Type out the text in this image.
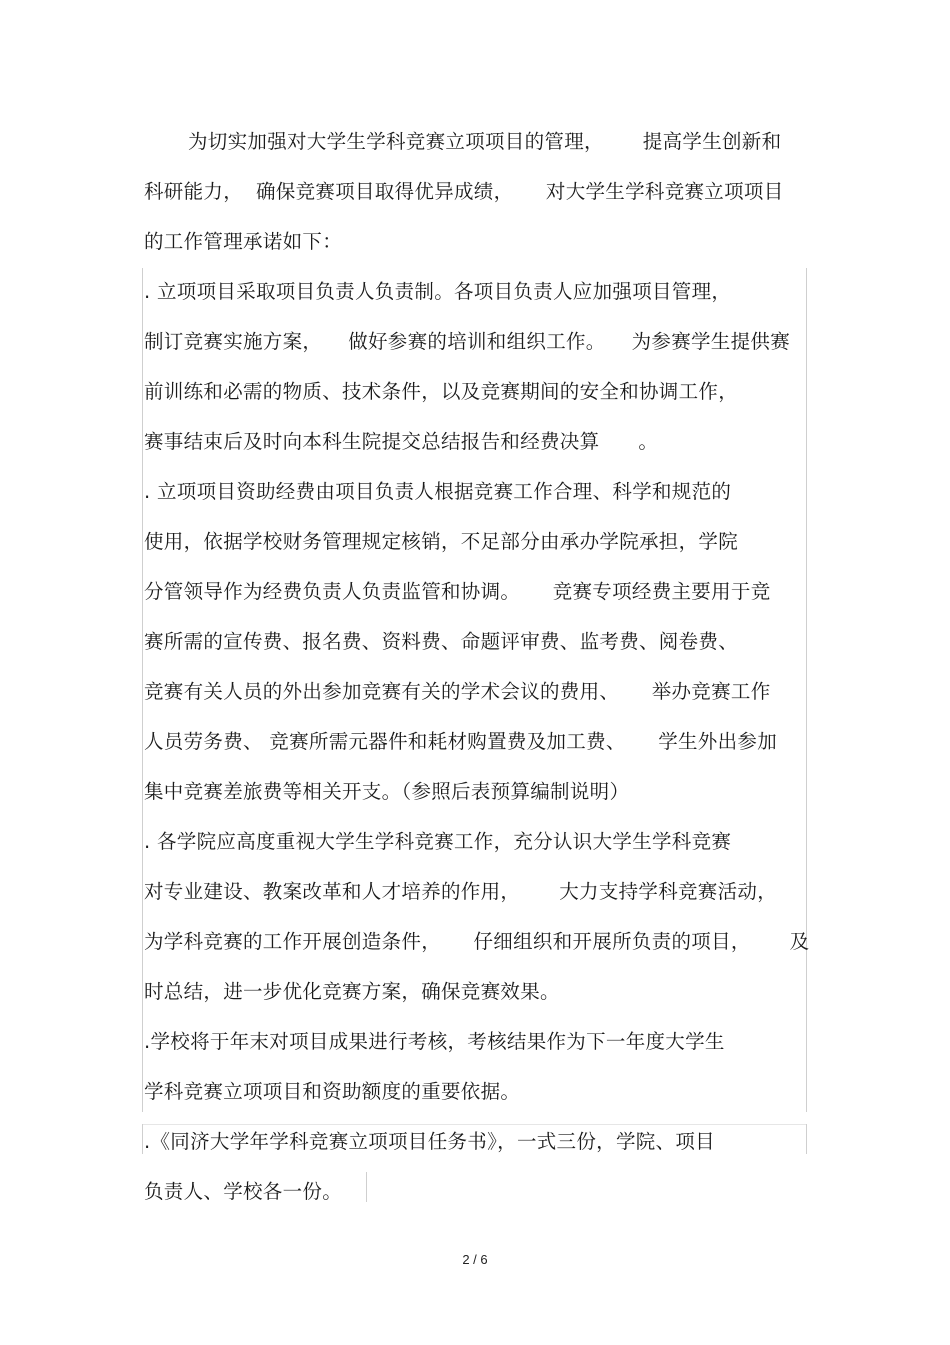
为切实加强对大学生学科竞赛立项项目的管理，      提高学生创新和
科研能力，  确保竞赛项目取得优异成绩，     对大学生学科竞赛立项项目
的工作管理承诺如下：
. 立项项目采取项目负责人负责制。各项目负责人应加强项目管理，
制订竞赛实施方案，    做好参赛的培训和组织工作。    为参赛学生提供赛
前训练和必需的物质、技术条件，以及竞赛期间的安全和协调工作，
赛事结束后及时向本科生院提交总结报告和经费决算      。
. 立项项目资助经费由项目负责人根据竞赛工作合理、科学和规范的
使用，依据学校财务管理规定核销，不足部分由承办学院承担，学院
分管领导作为经费负责人负责监管和协调。     竞赛专项经费主要用于竞
赛所需的宣传费、报名费、资料费、命题评审费、监考费、阅卷费、
竞赛有关人员的外出参加竞赛有关的学术会议的费用、     举办竞赛工作
人员劳务费、 竞赛所需元器件和耗材购置费及加工费、     学生外出参加
集中竞赛差旅费等相关开支。（参照后表预算编制说明）
. 各学院应高度重视大学生学科竞赛工作，充分认识大学生学科竞赛
对专业建设、教案改革和人才培养的作用，      大力支持学科竞赛活动，
为学科竞赛的工作开展创造条件，     仔细组织和开展所负责的项目，      及
时总结，进一步优化竞赛方案，确保竞赛效果。
.学校将于年末对项目成果进行考核，考核结果作为下一年度大学生
学科竞赛立项项目和资助额度的重要依据。
.《同济大学年学科竞赛立项项目任务书》，一式三份，学院、项目
负责人、学校各一份。
2 / 6
